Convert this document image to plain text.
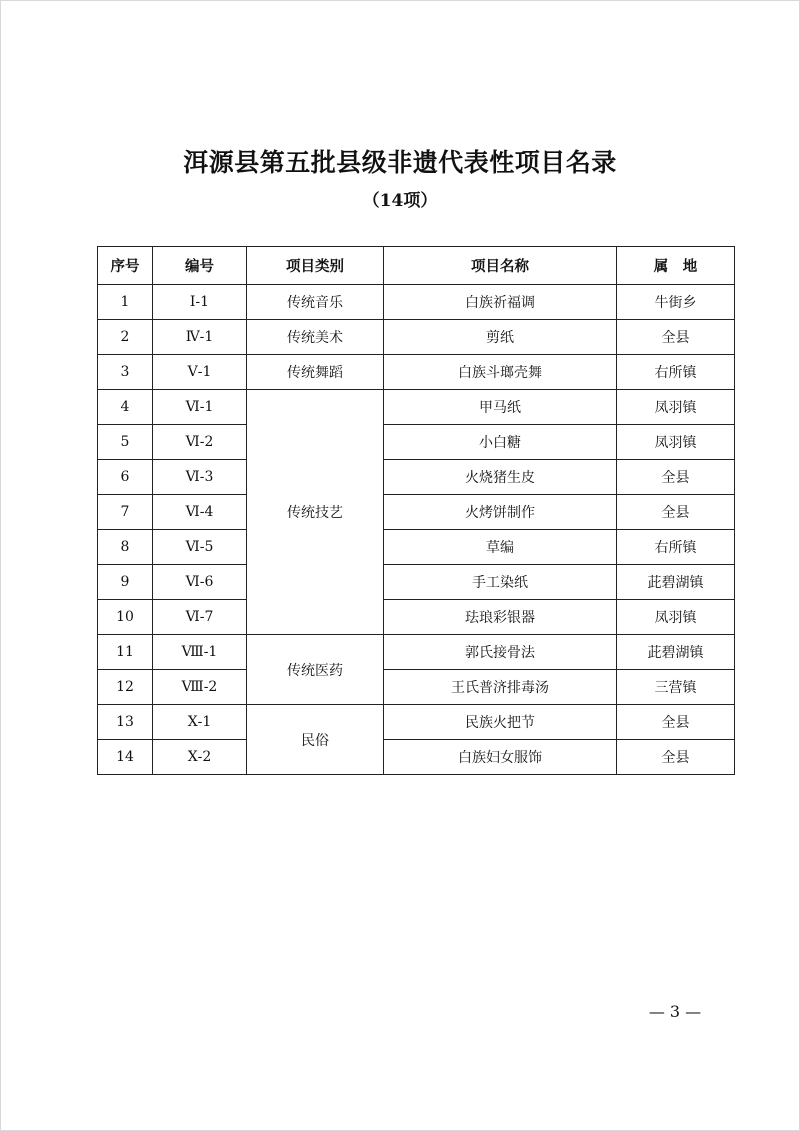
洱源县第五批县级非遗代表性项目名录
（14项）
序号	编号	项目类别	项目名称	属　地
1	Ⅰ-1	传统音乐	白族祈福调	牛街乡
2	Ⅳ-1	传统美术	剪纸	全县
3	Ⅴ-1	传统舞蹈	白族斗瑯壳舞	右所镇
4	Ⅵ-1	传统技艺	甲马纸	凤羽镇
5	Ⅵ-2		小白糖	凤羽镇
6	Ⅵ-3		火烧猪生皮	全县
7	Ⅵ-4		火烤饼制作	全县
8	Ⅵ-5		草编	右所镇
9	Ⅵ-6		手工染纸	茈碧湖镇
10	Ⅵ-7		珐琅彩银器	凤羽镇
11	Ⅷ-1	传统医药	郭氏接骨法	茈碧湖镇
12	Ⅷ-2		王氏普济排毒汤	三营镇
13	Ⅹ-1	民俗	民族火把节	全县
14	Ⅹ-2		白族妇女服饰	全县
— 3 —
